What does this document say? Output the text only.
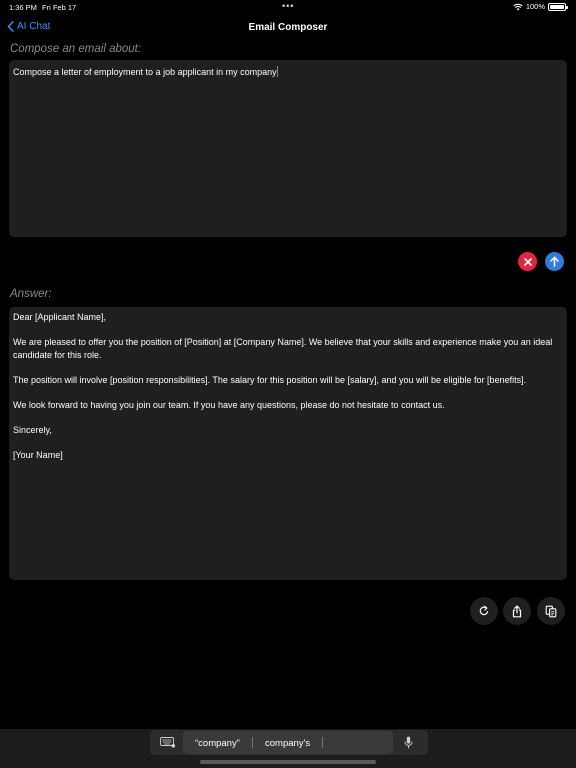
1:36 PM Fri Feb 17	•••	100%
AI Chat	Email Composer
Compose an email about:
Compose a letter of employment to a job applicant in my company
Answer:

Dear [Applicant Name],

We are pleased to offer you the position of [Position] at [Company Name]. We believe that your skills and experience make you an ideal candidate for this role.

The position will involve [position responsibilities]. The salary for this position will be [salary], and you will be eligible for [benefits].

We look forward to having you join our team. If you have any questions, please do not hesitate to contact us.

Sincerely,

[Your Name]

“company”	company's
